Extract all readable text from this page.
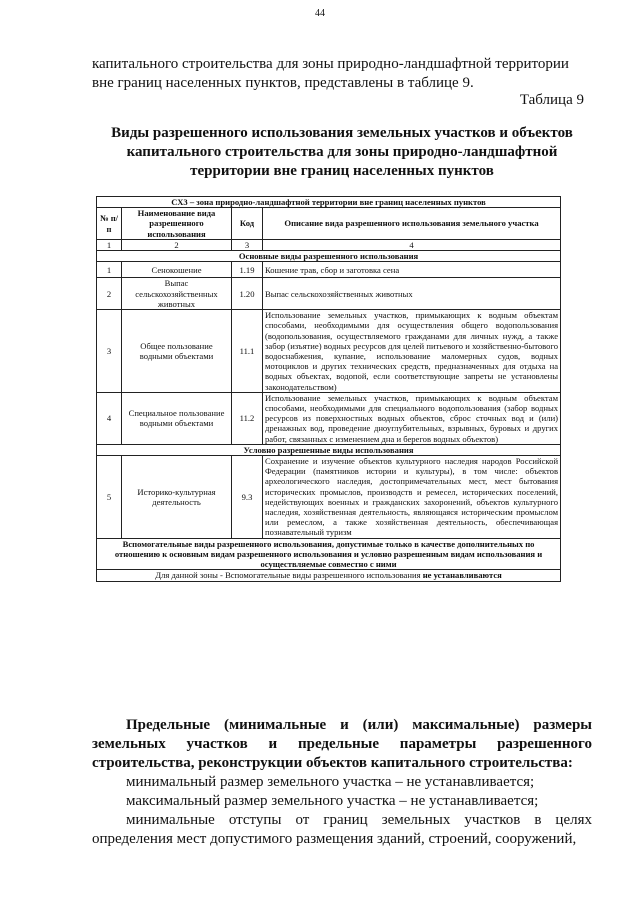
44
капитального строительства для зоны природно-ландшафтной территории
вне границ населенных пунктов, представлены в таблице 9.
Таблица 9
Виды разрешенного использования земельных участков и объектов капитального строительства для зоны природно-ландшафтной территории вне границ населенных пунктов
СХ3 – зона природно-ландшафтной территории вне границ населенных пунктов			
№ п/п	Наименование вида разрешенного использования	Код	Описание вида разрешенного использования земельного участка
1	2	3	4
Основные виды разрешенного использования			
1	Сенокошение	1.19	Кошение трав, сбор и заготовка сена
2	Выпас сельскохозяйственных животных	1.20	Выпас сельскохозяйственных животных
3	Общее пользование водными объектами	11.1	Использование земельных участков, примыкающих к водным объектам способами, необходимыми для осуществления общего водопользования (водопользования, осуществляемого гражданами для личных нужд, а также забор (изъятие) водных ресурсов для целей питьевого и хозяйственно-бытового водоснабжения, купание, использование маломерных судов, водных мотоциклов и других технических средств, предназначенных для отдыха на водных объектах, водопой, если соответствующие запреты не установлены законодательством)
4	Специальное пользование водными объектами	11.2	Использование земельных участков, примыкающих к водным объектам способами, необходимыми для специального водопользования (забор водных ресурсов из поверхностных водных объектов, сброс сточных вод и (или) дренажных вод, проведение дноуглубительных, взрывных, буровых и других работ, связанных с изменением дна и берегов водных объектов)
Условно разрешенные виды использования			
5	Историко-культурная деятельность	9.3	Сохранение и изучение объектов культурного наследия народов Российской Федерации (памятников истории и культуры), в том числе: объектов археологического наследия, достопримечательных мест, мест бытования исторических промыслов, производств и ремесел, исторических поселений, недействующих военных и гражданских захоронений, объектов культурного наследия, хозяйственная деятельность, являющаяся историческим промыслом или ремеслом, а также хозяйственная деятельность, обеспечивающая познавательный туризм
Вспомогательные виды разрешенного использования, допустимые только в качестве дополнительных по отношению к основным видам разрешенного использования и условно разрешенным видам использования и осуществляемые совместно с ними			
Для данной зоны - Вспомогательные виды разрешенного использования не устанавливаются			
Предельные (минимальные и (или) максимальные) размеры земельных участков и предельные параметры разрешенного строительства, реконструкции объектов капитального строительства:
минимальный размер земельного участка – не устанавливается;
максимальный размер земельного участка – не устанавливается;
минимальные отступы от границ земельных участков в целях определения мест допустимого размещения зданий, строений, сооружений,
